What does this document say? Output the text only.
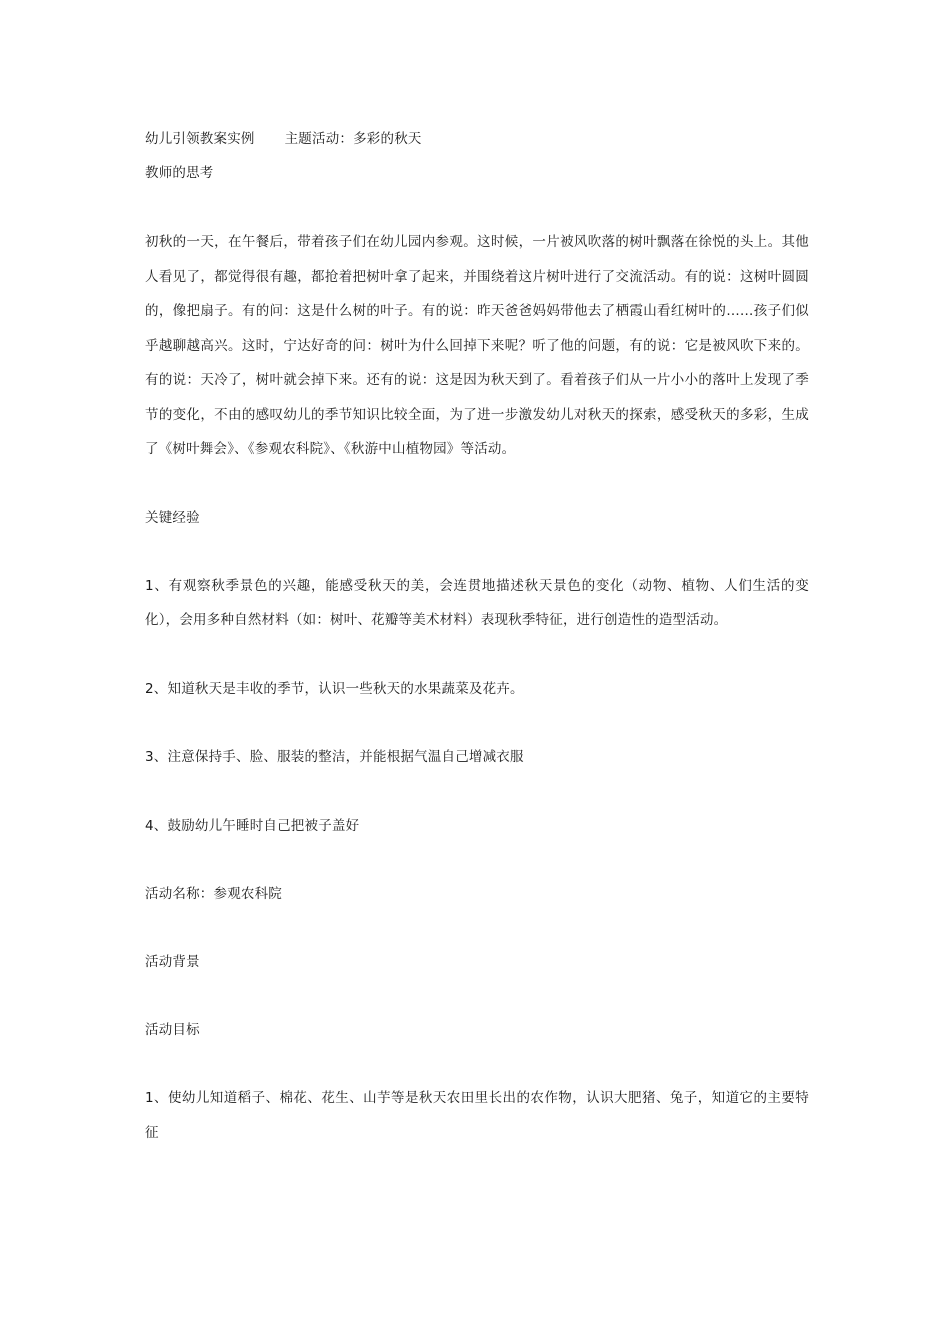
幼儿引领教案实例 主题活动：多彩的秋天
教师的思考
初秋的一天，在午餐后，带着孩子们在幼儿园内参观。这时候，一片被风吹落的树叶飘落在徐悦的头上。其他人看见了，都觉得很有趣，都抢着把树叶拿了起来，并围绕着这片树叶进行了交流活动。有的说：这树叶圆圆的，像把扇子。有的问：这是什么树的叶子。有的说：昨天爸爸妈妈带他去了栖霞山看红树叶的……孩子们似乎越聊越高兴。这时，宁达好奇的问：树叶为什么回掉下来呢？听了他的问题，有的说：它是被风吹下来的。有的说：天冷了，树叶就会掉下来。还有的说：这是因为秋天到了。看着孩子们从一片小小的落叶上发现了季节的变化，不由的感叹幼儿的季节知识比较全面，为了进一步激发幼儿对秋天的探索，感受秋天的多彩，生成了《树叶舞会》、《参观农科院》、《秋游中山植物园》等活动。
关键经验
1、有观察秋季景色的兴趣，能感受秋天的美，会连贯地描述秋天景色的变化（动物、植物、人们生活的变化），会用多种自然材料（如：树叶、花瓣等美术材料）表现秋季特征，进行创造性的造型活动。
2、知道秋天是丰收的季节，认识一些秋天的水果蔬菜及花卉。
3、注意保持手、脸、服装的整洁，并能根据气温自己增减衣服
4、鼓励幼儿午睡时自己把被子盖好
活动名称：参观农科院
活动背景
活动目标
1、使幼儿知道稻子、棉花、花生、山芋等是秋天农田里长出的农作物，认识大肥猪、兔子，知道它的主要特征
